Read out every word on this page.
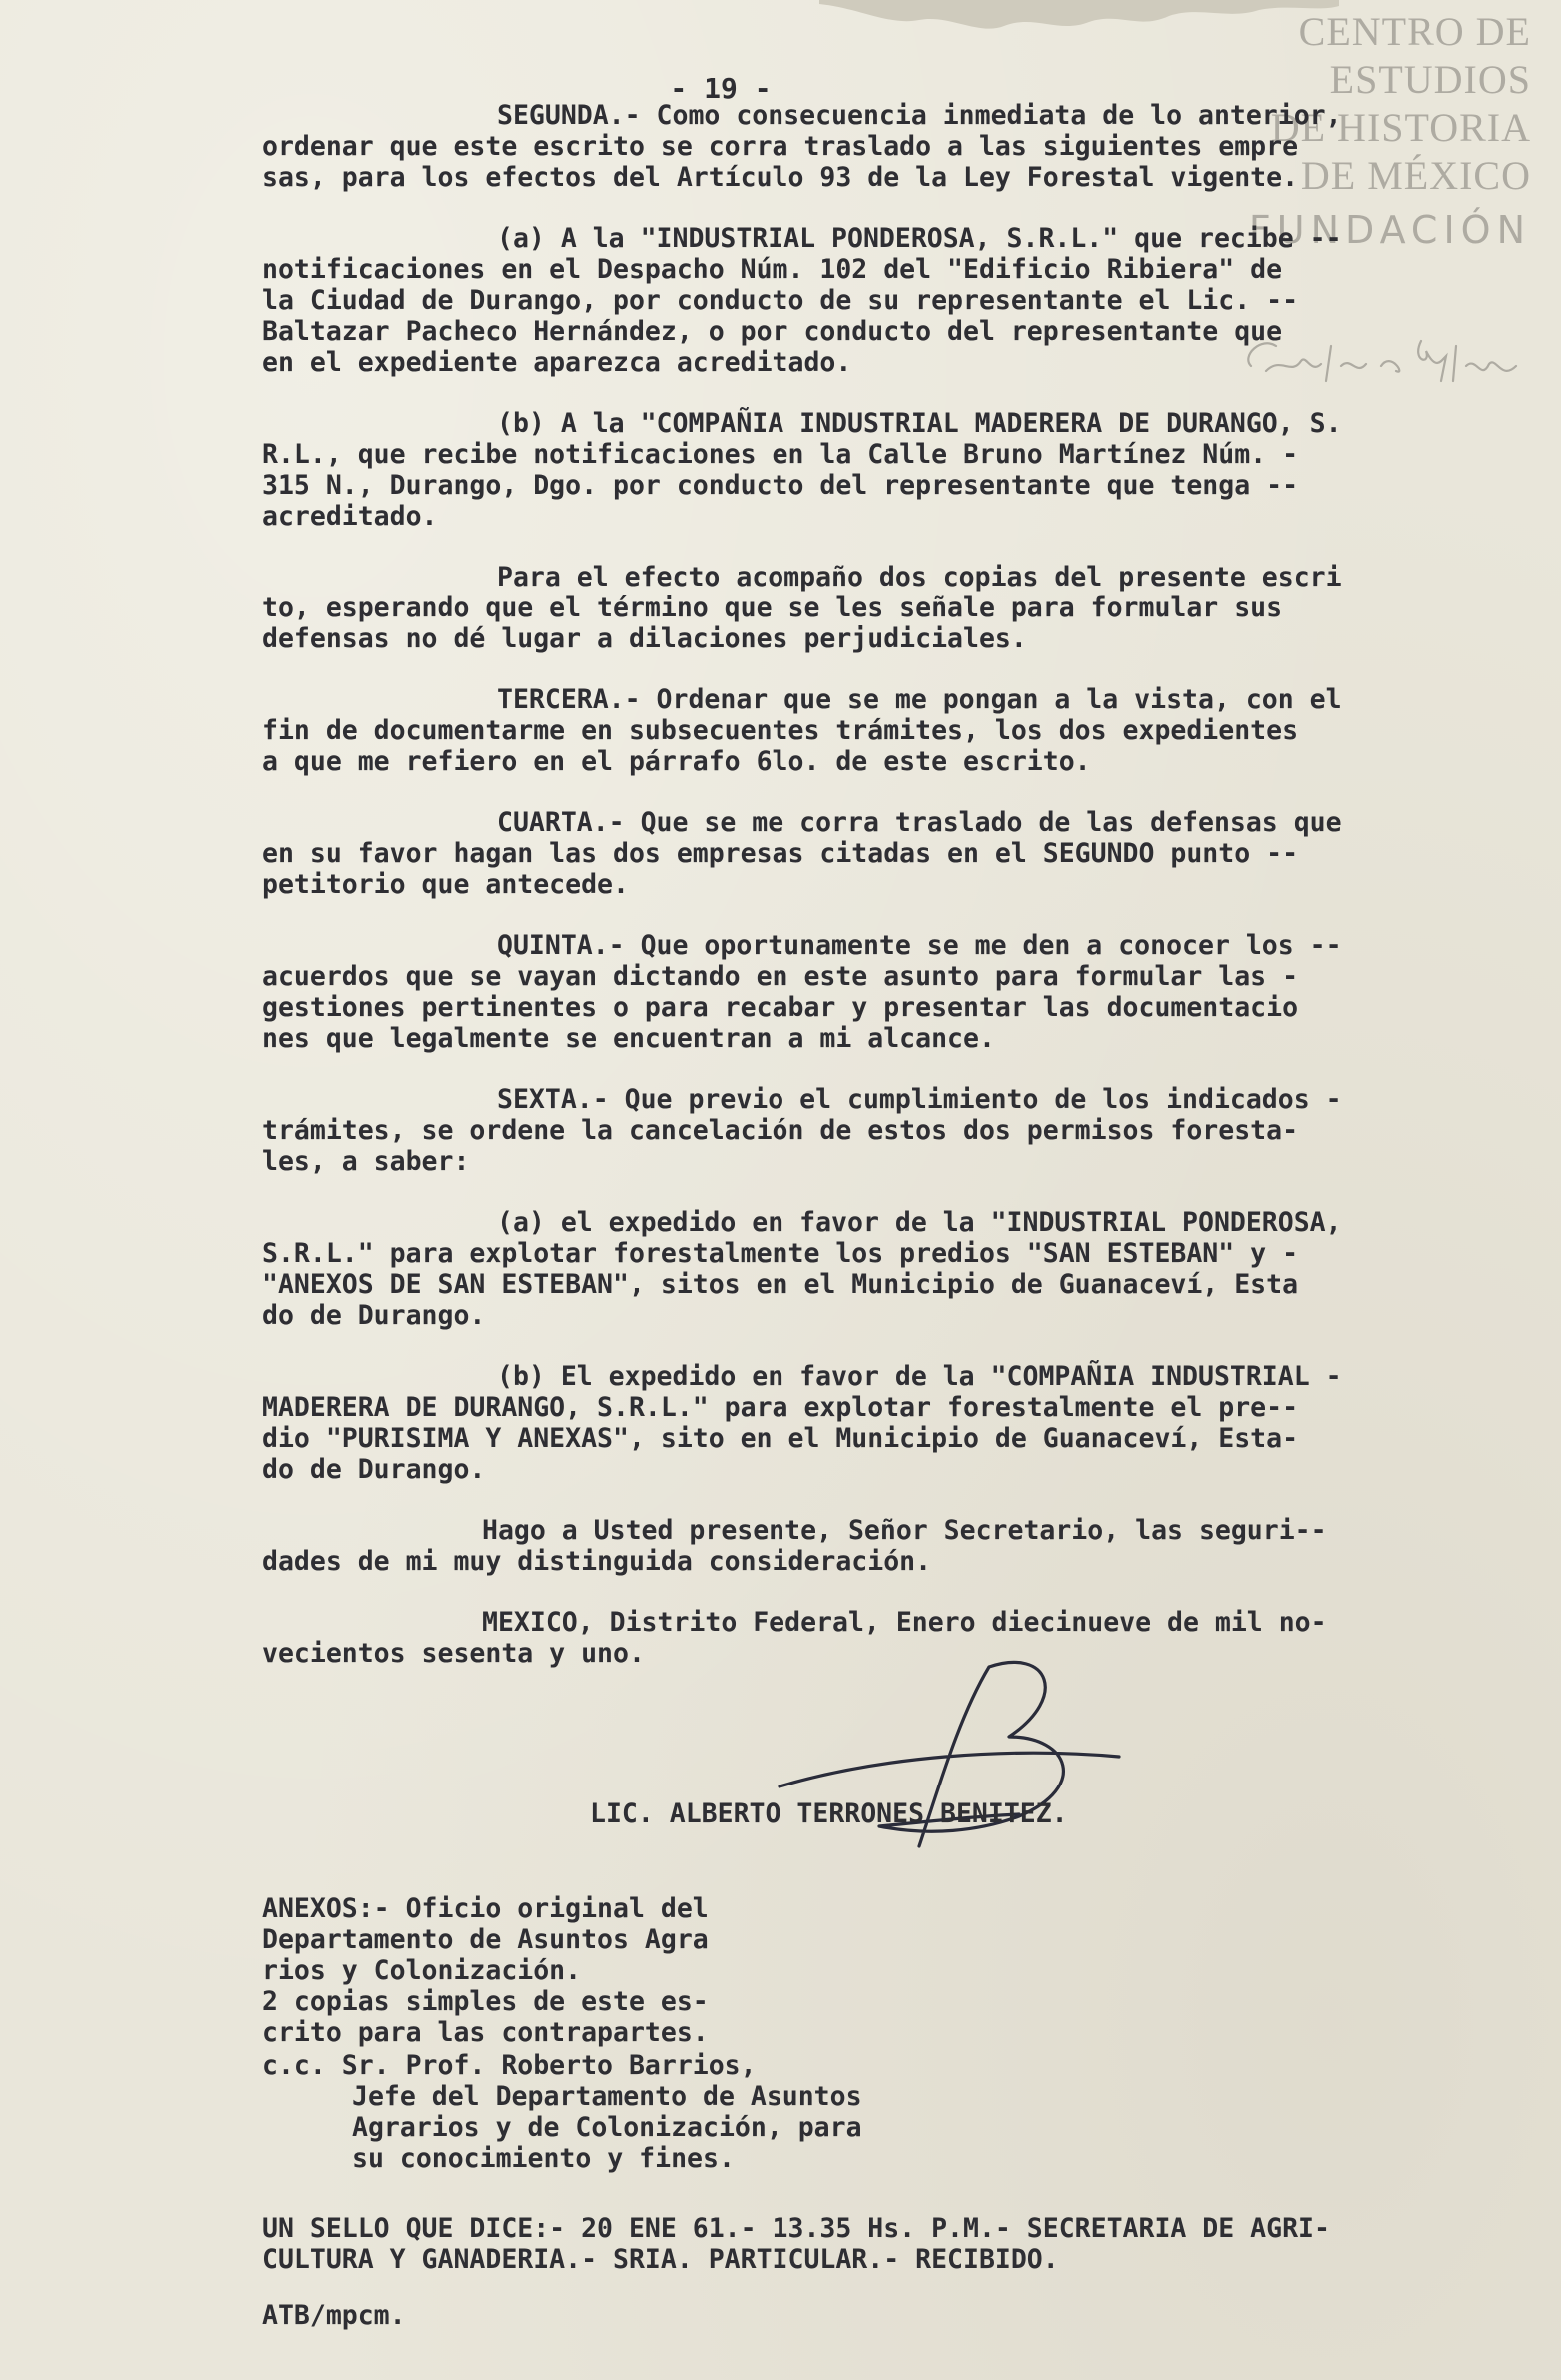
CENTRO DE
ESTUDIOS
DE HISTORIA
DE MÉXICO
FUNDACIÓN
- 19 -
SEGUNDA.- Como consecuencia inmediata de lo anterior,
ordenar que este escrito se corra traslado a las siguientes empre
sas, para los efectos del Artículo 93 de la Ley Forestal vigente.
(a) A la "INDUSTRIAL PONDEROSA, S.R.L." que recibe --
notificaciones en el Despacho Núm. 102 del "Edificio Ribiera" de
la Ciudad de Durango, por conducto de su representante el Lic. --
Baltazar Pacheco Hernández, o por conducto del representante que
en el expediente aparezca acreditado.
(b) A la "COMPAÑIA INDUSTRIAL MADERERA DE DURANGO, S.
R.L., que recibe notificaciones en la Calle Bruno Martínez Núm. -
315 N., Durango, Dgo. por conducto del representante que tenga --
acreditado.
Para el efecto acompaño dos copias del presente escri
to, esperando que el término que se les señale para formular sus
defensas no dé lugar a dilaciones perjudiciales.
TERCERA.- Ordenar que se me pongan a la vista, con el
fin de documentarme en subsecuentes trámites, los dos expedientes
a que me refiero en el párrafo 6lo. de este escrito.
CUARTA.- Que se me corra traslado de las defensas que
en su favor hagan las dos empresas citadas en el SEGUNDO punto --
petitorio que antecede.
QUINTA.- Que oportunamente se me den a conocer los --
acuerdos que se vayan dictando en este asunto para formular las -
gestiones pertinentes o para recabar y presentar las documentacio
nes que legalmente se encuentran a mi alcance.
SEXTA.- Que previo el cumplimiento de los indicados -
trámites, se ordene la cancelación de estos dos permisos foresta-
les, a saber:
(a) el expedido en favor de la "INDUSTRIAL PONDEROSA,
S.R.L." para explotar forestalmente los predios "SAN ESTEBAN" y -
"ANEXOS DE SAN ESTEBAN", sitos en el Municipio de Guanaceví, Esta
do de Durango.
(b) El expedido en favor de la "COMPAÑIA INDUSTRIAL -
MADERERA DE DURANGO, S.R.L." para explotar forestalmente el pre--
dio "PURISIMA Y ANEXAS", sito en el Municipio de Guanaceví, Esta-
do de Durango.
Hago a Usted presente, Señor Secretario, las seguri--
dades de mi muy distinguida consideración.
MEXICO, Distrito Federal, Enero diecinueve de mil no-
vecientos sesenta y uno.
LIC. ALBERTO TERRONES BENITEZ.
ANEXOS:- Oficio original del
Departamento de Asuntos Agra
rios y Colonización.
2 copias simples de este es-
crito para las contrapartes.
c.c. Sr. Prof. Roberto Barrios,
Jefe del Departamento de Asuntos
Agrarios y de Colonización, para
su conocimiento y fines.
UN SELLO QUE DICE:- 20 ENE 61.- 13.35 Hs. P.M.- SECRETARIA DE AGRI-
CULTURA Y GANADERIA.- SRIA. PARTICULAR.- RECIBIDO.
ATB/mpcm.
